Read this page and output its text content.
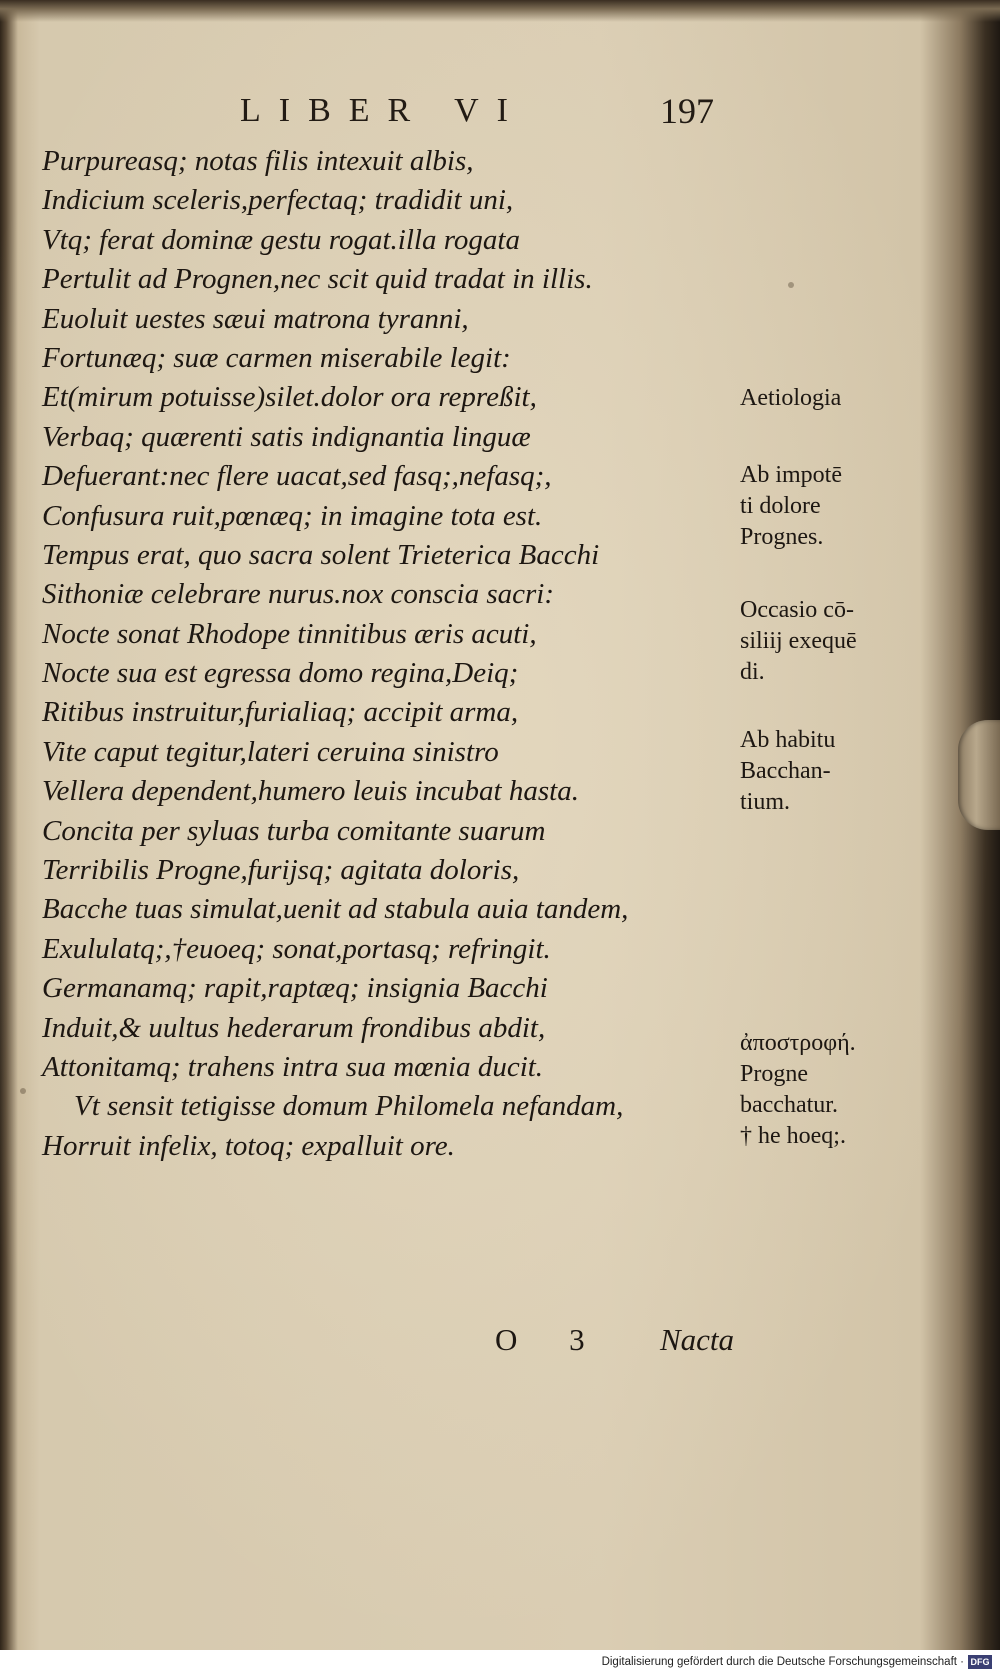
LIBER VI	197
Purpureasq; notas filis intexuit albis,
Indicium sceleris,perfectaq; tradidit uni,
Vtq; ferat dominæ gestu rogat.illa rogata
Pertulit ad Prognen,nec scit quid tradat in illis.
Euoluit uestes sæui matrona tyranni,
Fortunæq; suæ carmen miserabile legit:
Et(mirum potuisse)silet.dolor ora repreßit,
Verbaq; quærenti satis indignantia linguæ
Defuerant:nec flere uacat,sed fasq;,nefasq;,
Confusura ruit,pœnæq; in imagine tota est.
Tempus erat, quo sacra solent Trieterica Bacchi
Sithoniæ celebrare nurus.nox conscia sacri:
Nocte sonat Rhodope tinnitibus æris acuti,
Nocte sua est egressa domo regina,Deiq;
Ritibus instruitur,furialiaq; accipit arma,
Vite caput tegitur,lateri ceruina sinistro
Vellera dependent,humero leuis incubat hasta.
Concita per syluas turba comitante suarum
Terribilis Progne,furijsq; agitata doloris,
Bacche tuas simulat,uenit ad stabula auia tandem,
Exululatq;,†euoeq; sonat,portasq; refringit.
Germanamq; rapit,raptæq; insignia Bacchi
Induit,& uultus hederarum frondibus abdit,
Attonitamq; trahens intra sua mœnia ducit.
Vt sensit tetigisse domum Philomela nefandam,
Horruit infelix, totoq; expalluit ore.
Aetiologia
Ab impotē
ti dolore
Prognes.
Occasio cō-
siliij exequē
di.
Ab habitu
Bacchan-
tium.
ἀποστροφή.
Progne
bacchatur.
† he hoeq;.
O 3 Nacta
Digitalisierung gefördert durch die Deutsche Forschungsgemeinschaft · DFG
